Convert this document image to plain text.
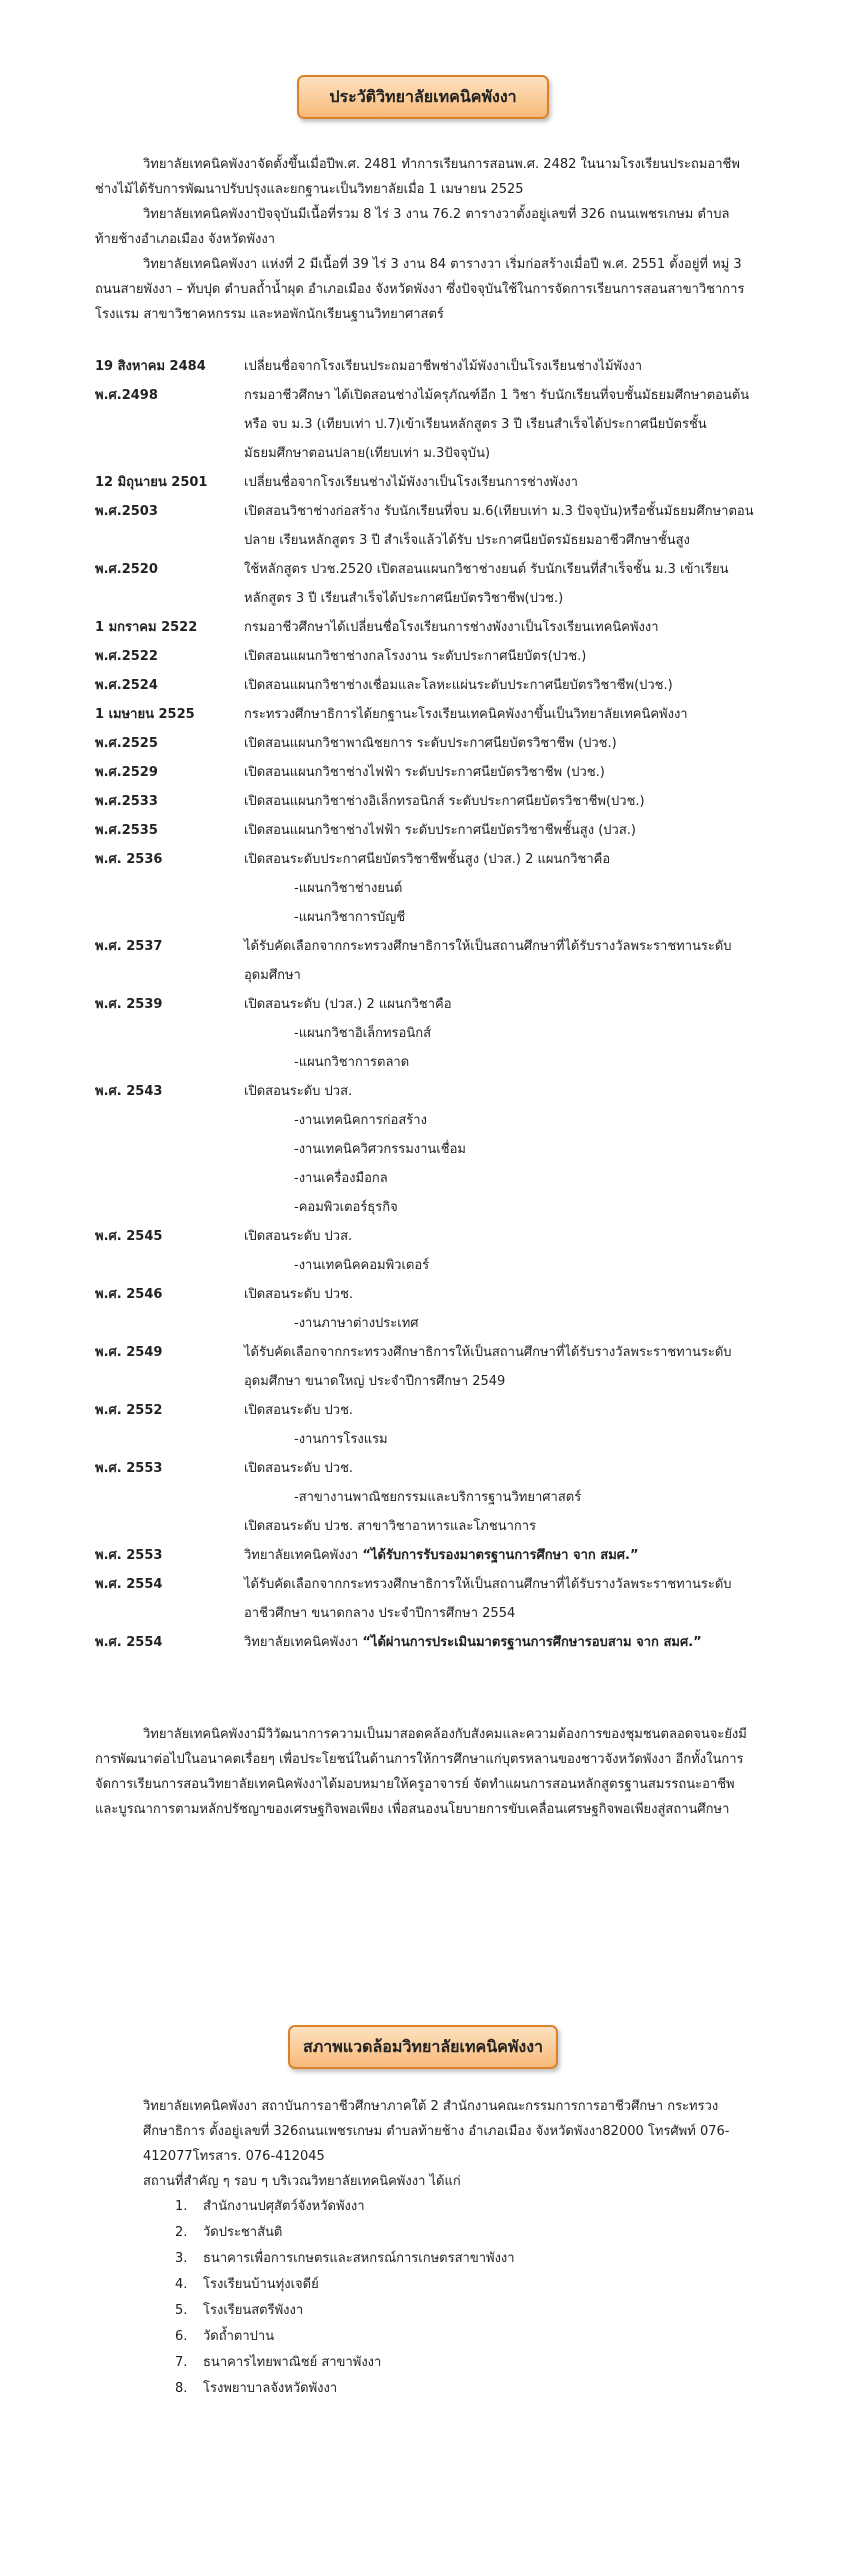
ประวัติวิทยาลัยเทคนิคพังงา
วิทยาลัยเทคนิคพังงาจัดตั้งขึ้นเมื่อปีพ.ศ. 2481 ทำการเรียนการสอนพ.ศ. 2482 ในนามโรงเรียนประถมอาชีพช่างไม้ได้รับการพัฒนาปรับปรุงและยกฐานะเป็นวิทยาลัยเมื่อ 1 เมษายน 2525
วิทยาลัยเทคนิคพังงาปัจจุบันมีเนื้อที่รวม 8 ไร่ 3 งาน 76.2 ตารางวาตั้งอยู่เลขที่ 326 ถนนเพชรเกษม ตำบลท้ายช้างอำเภอเมือง จังหวัดพังงา
วิทยาลัยเทคนิคพังงา แห่งที่ 2 มีเนื้อที่ 39 ไร่ 3 งาน 84 ตารางวา เริ่มก่อสร้างเมื่อปี พ.ศ. 2551 ตั้งอยู่ที่ หมู่ 3 ถนนสายพังงา – ทับปุด ตำบลถ้ำน้ำผุด อำเภอเมือง จังหวัดพังงา ซึ่งปัจจุบันใช้ในการจัดการเรียนการสอนสาขาวิชาการโรงแรม สาขาวิชาคหกรรม และหอพักนักเรียนฐานวิทยาศาสตร์
19 สิงหาคม 2484	เปลี่ยนชื่อจากโรงเรียนประถมอาชีพช่างไม้พังงาเป็นโรงเรียนช่างไม้พังงา
พ.ศ.2498	กรมอาชีวศึกษา ได้เปิดสอนช่างไม้ครุภัณฑ์อีก 1 วิชา รับนักเรียนที่จบชั้นมัธยมศึกษาตอนต้น หรือ จบ ม.3 (เทียบเท่า ป.7)เข้าเรียนหลักสูตร 3 ปี เรียนสำเร็จได้ประกาศนียบัตรชั้นมัธยมศึกษาตอนปลาย(เทียบเท่า ม.3ปัจจุบัน)
12 มิถุนายน 2501	เปลี่ยนชื่อจากโรงเรียนช่างไม้พังงาเป็นโรงเรียนการช่างพังงา
พ.ศ.2503	เปิดสอนวิชาช่างก่อสร้าง รับนักเรียนที่จบ ม.6(เทียบเท่า ม.3 ปัจจุบัน)หรือชั้นมัธยมศึกษาตอนปลาย เรียนหลักสูตร 3 ปี สำเร็จแล้วได้รับ ประกาศนียบัตรมัธยมอาชีวศึกษาชั้นสูง
พ.ศ.2520	ใช้หลักสูตร ปวช.2520 เปิดสอนแผนกวิชาช่างยนต์ รับนักเรียนที่สำเร็จชั้น ม.3 เข้าเรียนหลักสูตร 3 ปี เรียนสำเร็จได้ประกาศนียบัตรวิชาชีพ(ปวช.)
1 มกราคม 2522	กรมอาชีวศึกษาได้เปลี่ยนชื่อโรงเรียนการช่างพังงาเป็นโรงเรียนเทคนิคพังงา
พ.ศ.2522	เปิดสอนแผนกวิชาช่างกลโรงงาน ระดับประกาศนียบัตร(ปวช.)
พ.ศ.2524	เปิดสอนแผนกวิชาช่างเชื่อมและโลหะแผ่นระดับประกาศนียบัตรวิชาชีพ(ปวช.)
1 เมษายน 2525	กระทรวงศึกษาธิการได้ยกฐานะโรงเรียนเทคนิคพังงาขึ้นเป็นวิทยาลัยเทคนิคพังงา
พ.ศ.2525	เปิดสอนแผนกวิชาพาณิชยการ ระดับประกาศนียบัตรวิชาชีพ (ปวช.)
พ.ศ.2529	เปิดสอนแผนกวิชาช่างไฟฟ้า ระดับประกาศนียบัตรวิชาชีพ (ปวช.)
พ.ศ.2533	เปิดสอนแผนกวิชาช่างอิเล็กทรอนิกส์ ระดับประกาศนียบัตรวิชาชีพ(ปวช.)
พ.ศ.2535	เปิดสอนแผนกวิชาช่างไฟฟ้า ระดับประกาศนียบัตรวิชาชีพชั้นสูง (ปวส.)
พ.ศ. 2536	เปิดสอนระดับประกาศนียบัตรวิชาชีพชั้นสูง (ปวส.) 2 แผนกวิชาคือ
-แผนกวิชาช่างยนต์
-แผนกวิชาการบัญชี
พ.ศ. 2537	ได้รับคัดเลือกจากกระทรวงศึกษาธิการให้เป็นสถานศึกษาที่ได้รับรางวัลพระราชทานระดับอุดมศึกษา
พ.ศ. 2539	เปิดสอนระดับ (ปวส.) 2 แผนกวิชาคือ
-แผนกวิชาอิเล็กทรอนิกส์
-แผนกวิชาการตลาด
พ.ศ. 2543	เปิดสอนระดับ ปวส.
-งานเทคนิคการก่อสร้าง
-งานเทคนิควิศวกรรมงานเชื่อม
-งานเครื่องมือกล
-คอมพิวเตอร์ธุรกิจ
พ.ศ. 2545	เปิดสอนระดับ ปวส.
-งานเทคนิคคอมพิวเตอร์
พ.ศ. 2546	เปิดสอนระดับ ปวช.
-งานภาษาต่างประเทศ
พ.ศ. 2549	ได้รับคัดเลือกจากกระทรวงศึกษาธิการให้เป็นสถานศึกษาที่ได้รับรางวัลพระราชทานระดับอุดมศึกษา ขนาดใหญ่ ประจำปีการศึกษา 2549
พ.ศ. 2552	เปิดสอนระดับ ปวช.
-งานการโรงแรม
พ.ศ. 2553	เปิดสอนระดับ ปวช.
-สาขางานพาณิชยกรรมและบริการฐานวิทยาศาสตร์
เปิดสอนระดับ ปวช. สาขาวิชาอาหารและโภชนาการ
พ.ศ. 2553	วิทยาลัยเทคนิคพังงา “ได้รับการรับรองมาตรฐานการศึกษา จาก สมศ.”
พ.ศ. 2554	ได้รับคัดเลือกจากกระทรวงศึกษาธิการให้เป็นสถานศึกษาที่ได้รับรางวัลพระราชทานระดับอาชีวศึกษา ขนาดกลาง ประจำปีการศึกษา 2554
พ.ศ. 2554	วิทยาลัยเทคนิคพังงา “ได้ผ่านการประเมินมาตรฐานการศึกษารอบสาม จาก สมศ.”
วิทยาลัยเทคนิคพังงามีวิวัฒนาการความเป็นมาสอดคล้องกับสังคมและความต้องการของชุมชนตลอดจนจะยังมีการพัฒนาต่อไปในอนาคตเรื่อยๆ เพื่อประโยชน์ในด้านการให้การศึกษาแก่บุตรหลานของชาวจังหวัดพังงา อีกทั้งในการจัดการเรียนการสอนวิทยาลัยเทคนิคพังงาได้มอบหมายให้ครูอาจารย์ จัดทำแผนการสอนหลักสูตรฐานสมรรถนะอาชีพและบูรณาการตามหลักปรัชญาของเศรษฐกิจพอเพียง เพื่อสนองนโยบายการขับเคลื่อนเศรษฐกิจพอเพียงสู่สถานศึกษา
สภาพแวดล้อมวิทยาลัยเทคนิคพังงา
วิทยาลัยเทคนิคพังงา สถาบันการอาชีวศึกษาภาคใต้ 2 สำนักงานคณะกรรมการการอาชีวศึกษา กระทรวงศึกษาธิการ ตั้งอยู่เลขที่ 326ถนนเพชรเกษม ตำบลท้ายช้าง อำเภอเมือง จังหวัดพังงา82000 โทรศัพท์ 076-412077โทรสาร. 076-412045
สถานที่สำคัญ ๆ รอบ ๆ บริเวณวิทยาลัยเทคนิคพังงา ได้แก่
สำนักงานปศุสัตว์จังหวัดพังงา
วัดประชาสันติ
ธนาคารเพื่อการเกษตรและสหกรณ์การเกษตรสาขาพังงา
โรงเรียนบ้านทุ่งเจดีย์
โรงเรียนสตรีพังงา
วัดถ้ำตาปาน
ธนาคารไทยพาณิชย์ สาขาพังงา
โรงพยาบาลจังหวัดพังงา
